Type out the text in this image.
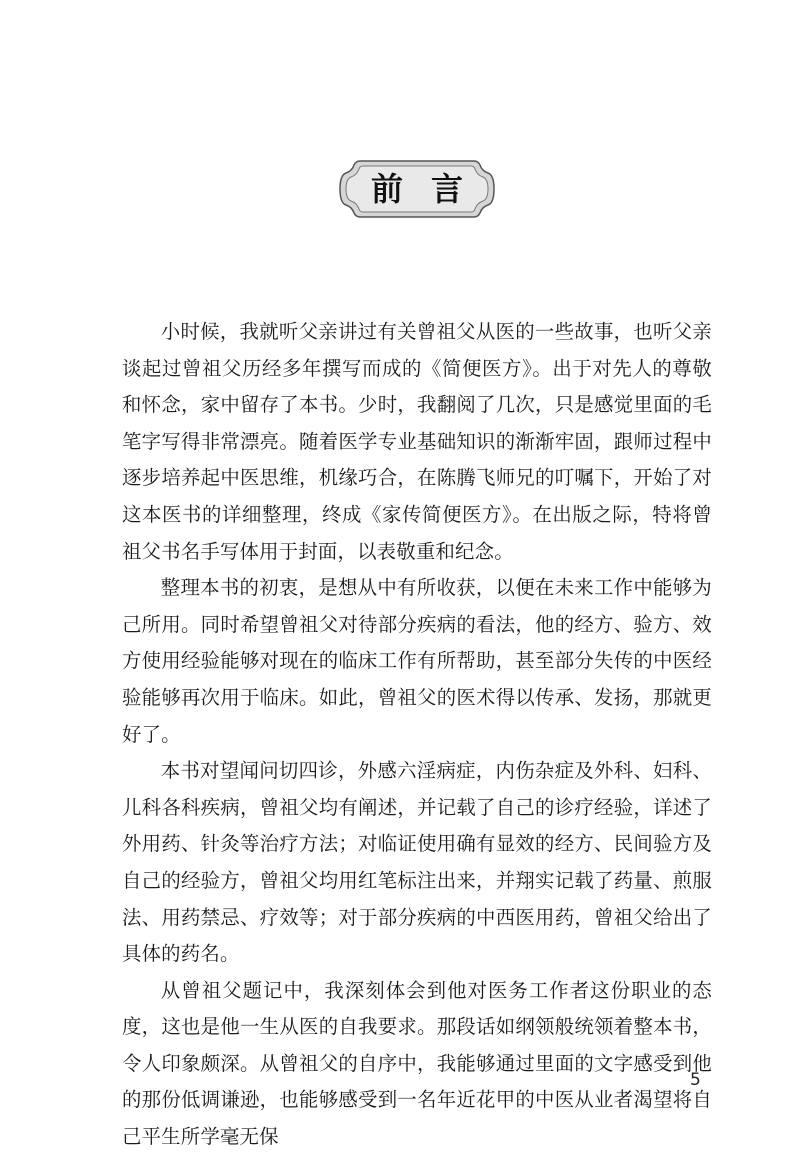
前言

小时候，我就听父亲讲过有关曾祖父从医的一些故事，也听父亲谈起过曾祖父历经多年撰写而成的《简便医方》。出于对先人的尊敬和怀念，家中留存了本书。少时，我翻阅了几次，只是感觉里面的毛笔字写得非常漂亮。随着医学专业基础知识的渐渐牢固，跟师过程中逐步培养起中医思维，机缘巧合，在陈腾飞师兄的叮嘱下，开始了对这本医书的详细整理，终成《家传简便医方》。在出版之际，特将曾祖父书名手写体用于封面，以表敬重和纪念。

整理本书的初衷，是想从中有所收获，以便在未来工作中能够为己所用。同时希望曾祖父对待部分疾病的看法，他的经方、验方、效方使用经验能够对现在的临床工作有所帮助，甚至部分失传的中医经验能够再次用于临床。如此，曾祖父的医术得以传承、发扬，那就更好了。

本书对望闻问切四诊，外感六淫病症，内伤杂症及外科、妇科、儿科各科疾病，曾祖父均有阐述，并记载了自己的诊疗经验，详述了外用药、针灸等治疗方法；对临证使用确有显效的经方、民间验方及自己的经验方，曾祖父均用红笔标注出来，并翔实记载了药量、煎服法、用药禁忌、疗效等；对于部分疾病的中西医用药，曾祖父给出了具体的药名。

从曾祖父题记中，我深刻体会到他对医务工作者这份职业的态度，这也是他一生从医的自我要求。那段话如纲领般统领着整本书，令人印象颇深。从曾祖父的自序中，我能够通过里面的文字感受到他的那份低调谦逊，也能够感受到一名年近花甲的中医从业者渴望将自己平生所学毫无保

5
